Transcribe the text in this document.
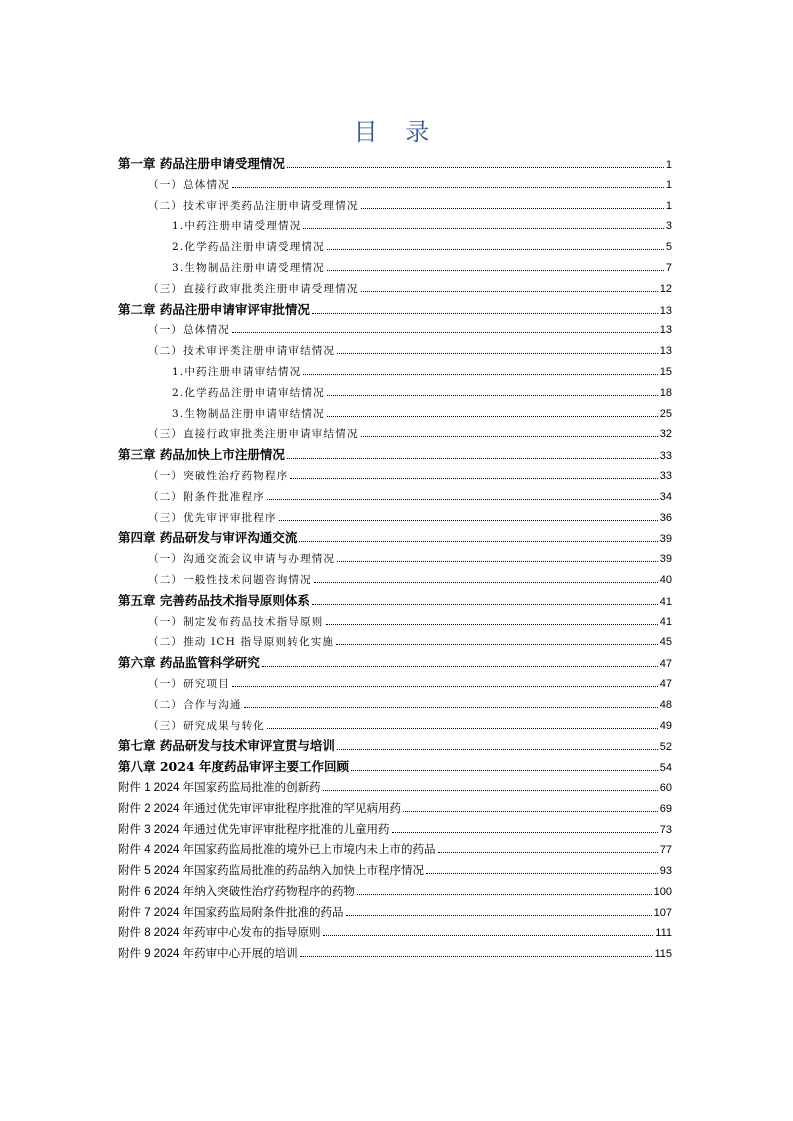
目 录
第一章 药品注册申请受理情况	1
（一）总体情况	1
（二）技术审评类药品注册申请受理情况	1
1.中药注册申请受理情况	3
2.化学药品注册申请受理情况	5
3.生物制品注册申请受理情况	7
（三）直接行政审批类注册申请受理情况	12
第二章 药品注册申请审评审批情况	13
（一）总体情况	13
（二）技术审评类注册申请审结情况	13
1.中药注册申请审结情况	15
2.化学药品注册申请审结情况	18
3.生物制品注册申请审结情况	25
（三）直接行政审批类注册申请审结情况	32
第三章 药品加快上市注册情况	33
（一）突破性治疗药物程序	33
（二）附条件批准程序	34
（三）优先审评审批程序	36
第四章 药品研发与审评沟通交流	39
（一）沟通交流会议申请与办理情况	39
（二）一般性技术问题咨询情况	40
第五章 完善药品技术指导原则体系	41
（一）制定发布药品技术指导原则	41
（二）推动 ICH 指导原则转化实施	45
第六章 药品监管科学研究	47
（一）研究项目	47
（二）合作与沟通	48
（三）研究成果与转化	49
第七章 药品研发与技术审评宣贯与培训	52
第八章 2024 年度药品审评主要工作回顾	54
附件 1 2024 年国家药监局批准的创新药	60
附件 2 2024 年通过优先审评审批程序批准的罕见病用药	69
附件 3 2024 年通过优先审评审批程序批准的儿童用药	73
附件 4 2024 年国家药监局批准的境外已上市境内未上市的药品	77
附件 5 2024 年国家药监局批准的药品纳入加快上市程序情况	93
附件 6 2024 年纳入突破性治疗药物程序的药物	100
附件 7 2024 年国家药监局附条件批准的药品	107
附件 8 2024 年药审中心发布的指导原则	111
附件 9 2024 年药审中心开展的培训	115
